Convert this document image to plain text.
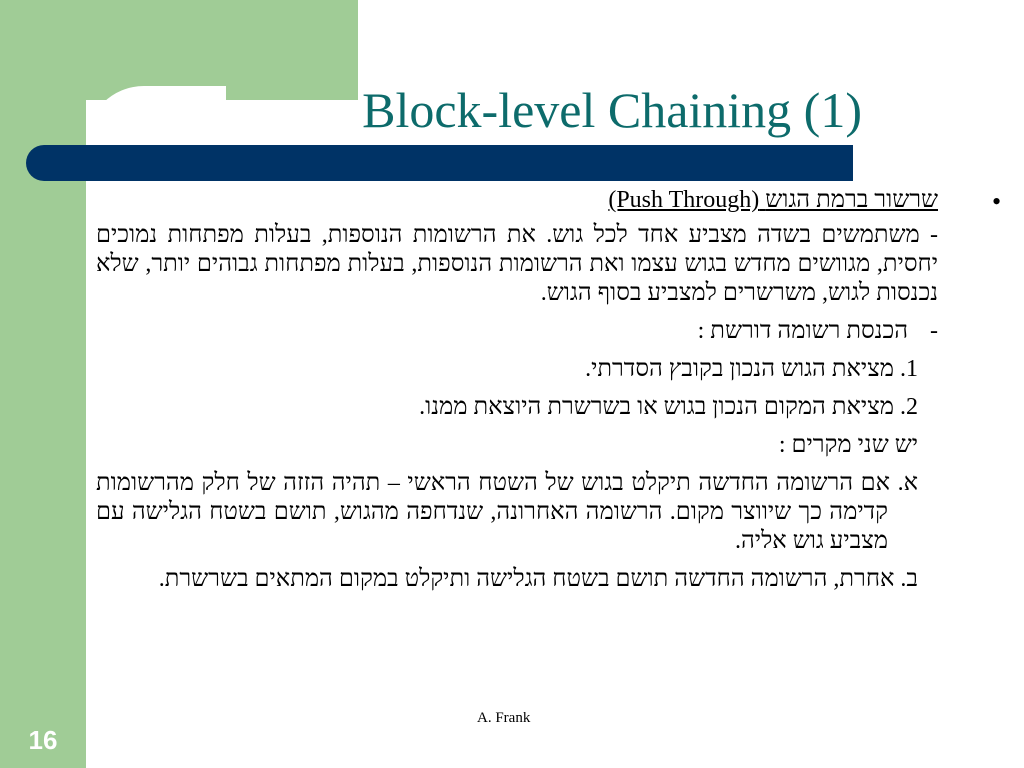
Block-level Chaining (1)
•

שרשור ברמת הגוש (Push Through)

- משתמשים בשדה מצביע אחד לכל גוש. את הרשומות הנוספות, בעלות מפתחות נמוכים יחסית, מגוושים מחדש בגוש עצמו ואת הרשומות הנוספות, בעלות מפתחות גבוהים יותר, שלא נכנסות לגוש, משרשרים למצביע בסוף הגוש.

-
הכנסת רשומה דורשת :

1. מציאת הגוש הנכון בקובץ הסדרתי.

2. מציאת המקום הנכון בגוש או בשרשרת היוצאת ממנו.

יש שני מקרים :

א. אם הרשומה החדשה תיקלט בגוש של השטח הראשי – תהיה הזזה של חלק מהרשומות קדימה כך שיווצר מקום. הרשומה האחרונה, שנדחפה מהגוש, תושם בשטח הגלישה עם מצביע גוש אליה.

ב. אחרת, הרשומה החדשה תושם בשטח הגלישה ותיקלט במקום המתאים בשרשרת.

A. Frank
16
